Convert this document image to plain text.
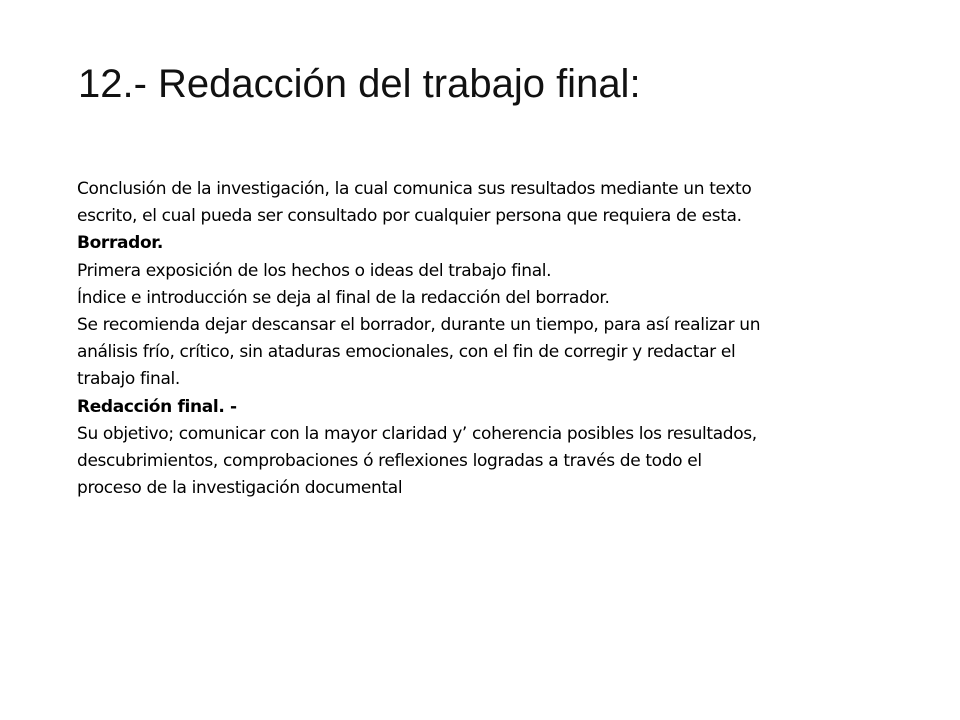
12.- Redacción del trabajo final:
Conclusión de la investigación, la cual comunica sus resultados mediante un texto
escrito, el cual pueda ser consultado por cualquier persona que requiera de esta.
Borrador.
Primera exposición de los hechos o ideas del trabajo final.
Índice e introducción se deja al final de la redacción del borrador.
Se recomienda dejar descansar el borrador, durante un tiempo, para así realizar un
análisis frío, crítico, sin ataduras emocionales, con el fin de corregir y redactar el
trabajo final.
Redacción final. -
Su objetivo; comunicar con la mayor claridad y’ coherencia posibles los resultados,
descubrimientos, comprobaciones ó reflexiones logradas a través de todo el
proceso de la investigación documental
